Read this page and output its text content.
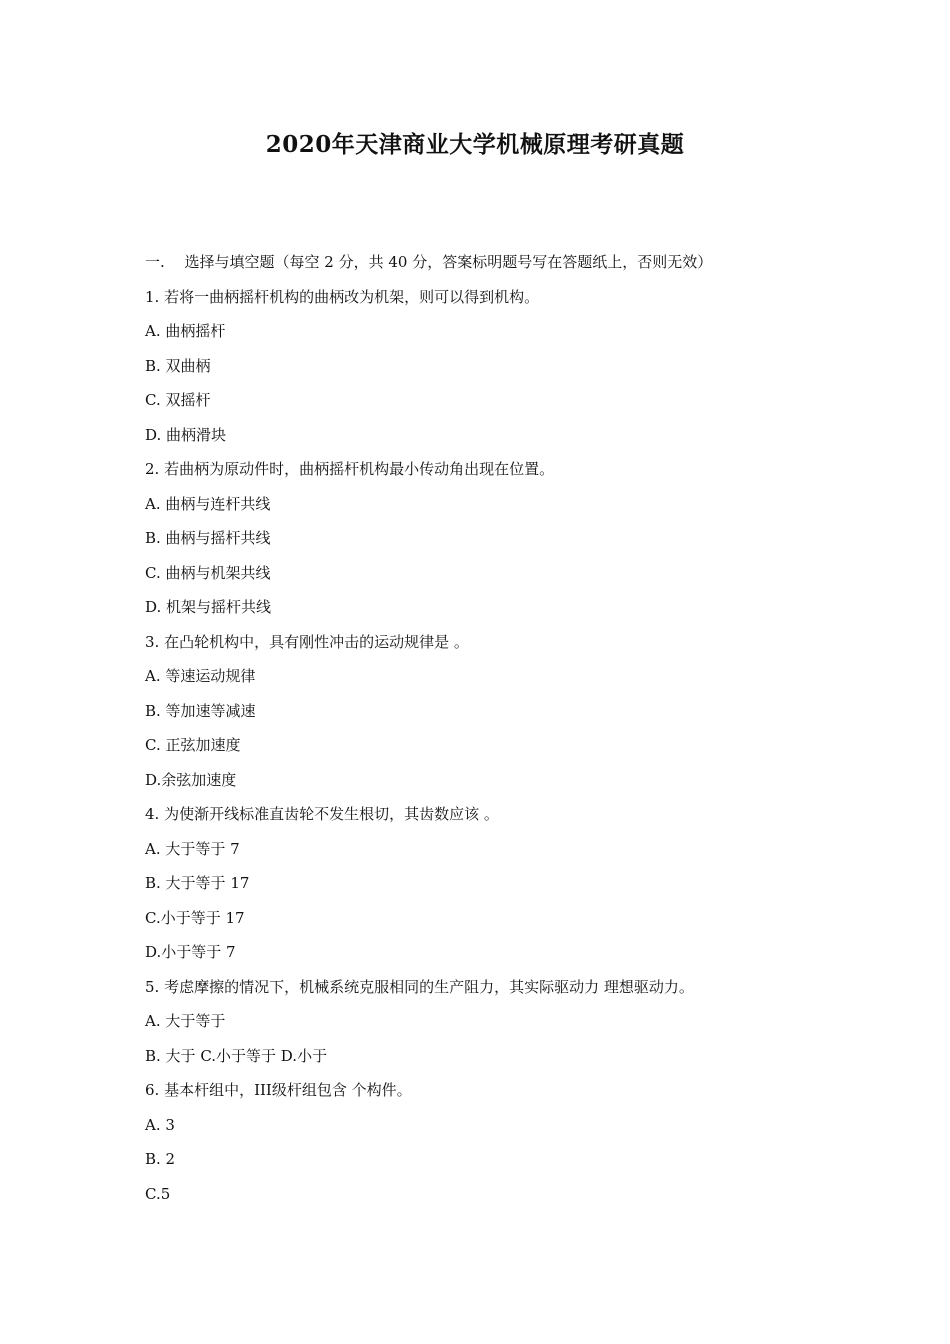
2020年天津商业大学机械原理考研真题
一.　 选择与填空题（每空 2 分，共 40 分，答案标明题号写在答题纸上，否则无效）
1. 若将一曲柄摇杆机构的曲柄改为机架，则可以得到机构。
A. 曲柄摇杆
B. 双曲柄
C. 双摇杆
D. 曲柄滑块
2. 若曲柄为原动件时，曲柄摇杆机构最小传动角出现在位置。
A. 曲柄与连杆共线
B. 曲柄与摇杆共线
C. 曲柄与机架共线
D. 机架与摇杆共线
3. 在凸轮机构中，具有刚性冲击的运动规律是 。
A. 等速运动规律
B. 等加速等减速
C. 正弦加速度
D.余弦加速度
4. 为使渐开线标准直齿轮不发生根切，其齿数应该 。
A. 大于等于 7
B. 大于等于 17
C.小于等于 17
D.小于等于 7
5. 考虑摩擦的情况下，机械系统克服相同的生产阻力，其实际驱动力 理想驱动力。
A. 大于等于
B. 大于 C.小于等于 D.小于
6. 基本杆组中，III级杆组包含 个构件。
A. 3
B. 2
C.5
